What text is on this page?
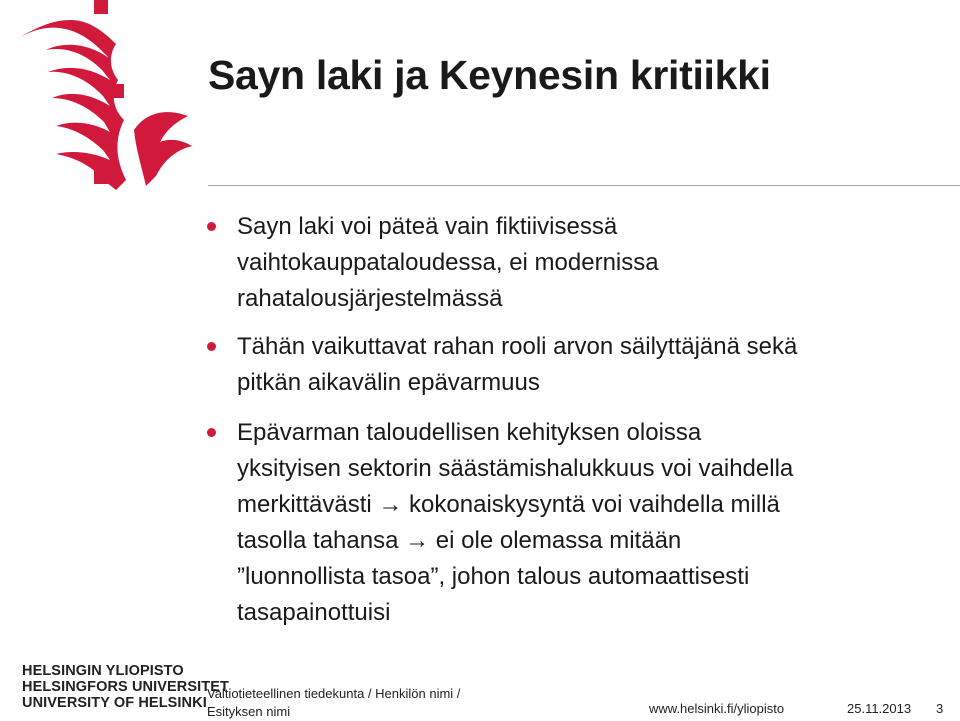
Sayn laki ja Keynesin kritiikki
Sayn laki voi päteä vain fiktiivisessä
vaihtokauppataloudessa, ei modernissa
rahatalousjärjestelmässä
Tähän vaikuttavat rahan rooli arvon säilyttäjänä sekä
pitkän aikavälin epävarmuus
Epävarman taloudellisen kehityksen oloissa
yksityisen sektorin säästämishalukkuus voi vaihdella
merkittävästi → kokonaiskysyntä voi vaihdella millä
tasolla tahansa → ei ole olemassa mitään
”luonnollista tasoa”, johon talous automaattisesti
tasapainottuisi
HELSINGIN YLIOPISTO
HELSINGFORS UNIVERSITET
UNIVERSITY OF HELSINKI
Valtiotieteellinen tiedekunta / Henkilön nimi /
Esityksen nimi	www.helsinki.fi/yliopisto	25.11.2013 3
